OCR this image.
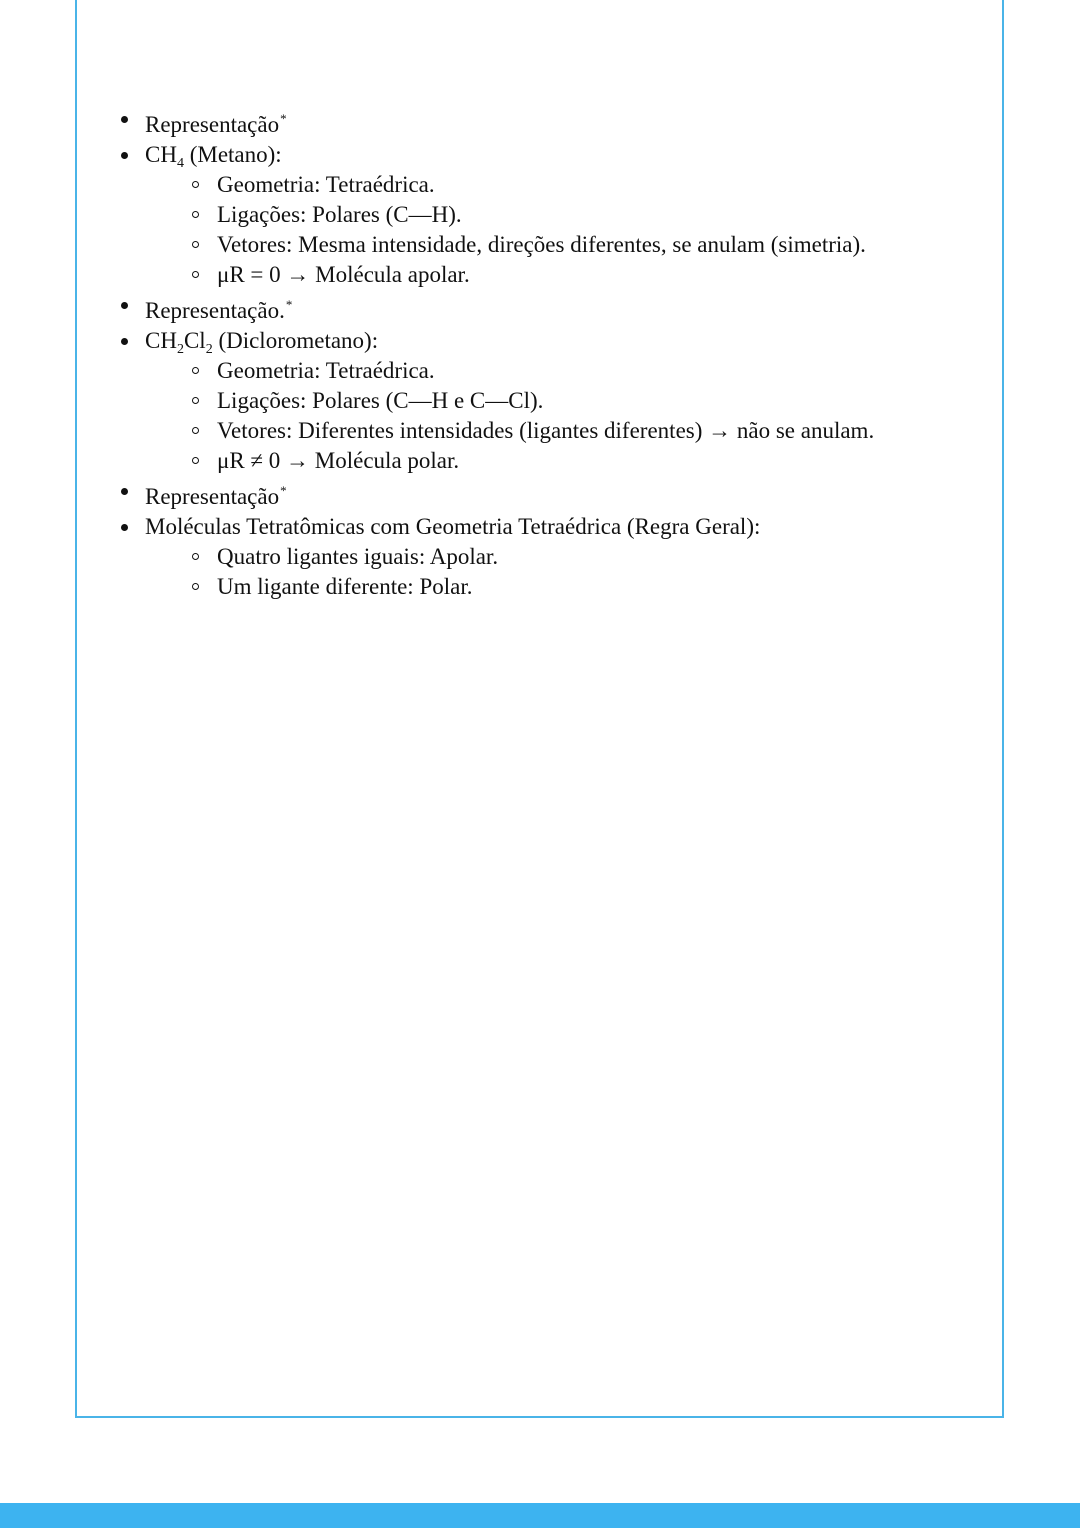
Representação*
$CH_4$ (Metano):
Geometria: Tetraédrica.
Ligações: Polares (C—H).
Vetores: Mesma intensidade, direções diferentes, se anulam (simetria).
μR = 0 → Molécula apolar.
Representação.*
$CH_2Cl_2$ (Diclorometano):
Geometria: Tetraédrica.
Ligações: Polares (C—H e C—Cl).
Vetores: Diferentes intensidades (ligantes diferentes) → não se anulam.
μR ≠ 0 → Molécula polar.
Representação*
Moléculas Tetratômicas com Geometria Tetraédrica (Regra Geral):
Quatro ligantes iguais: Apolar.
Um ligante diferente: Polar.
